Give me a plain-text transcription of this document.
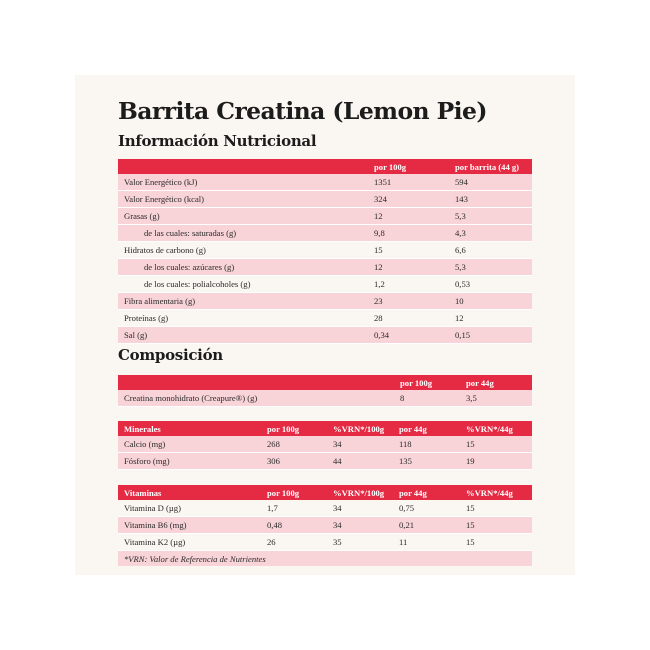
Barrita Creatina (Lemon Pie)
Información Nutricional
	por 100g	por barrita (44 g)
Valor Energético (kJ)	1351	594
Valor Energético (kcal)	324	143
Grasas (g)	12	5,3
de las cuales: saturadas (g)	9,8	4,3
Hidratos de carbono (g)	15	6,6
de los cuales: azúcares (g)	12	5,3
de los cuales: polialcoholes (g)	1,2	0,53
Fibra alimentaria (g)	23	10
Proteínas (g)	28	12
Sal (g)	0,34	0,15
Composición
	por 100g	por 44g
Creatina monohidrato (Creapure®) (g)	8	3,5
Minerales	por 100g	%VRN*/100g	por 44g	%VRN*/44g
Calcio (mg)	268	34	118	15
Fósforo (mg)	306	44	135	19
Vitaminas	por 100g	%VRN*/100g	por 44g	%VRN*/44g
Vitamina D (µg)	1,7	34	0,75	15
Vitamina B6 (mg)	0,48	34	0,21	15
Vitamina K2 (µg)	26	35	11	15
*VRN: Valor de Referencia de Nutrientes				
